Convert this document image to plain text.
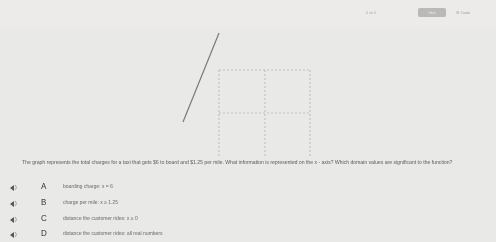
2 of 2	Hint	⚙ Tools
The graph represents the total charges for a taxi that gets $6 to board and $1.25 per mile. What information is represented on the x - axis? Which domain values are significant to the function?
)	A	boarding charge: x = 6
)	B	charge per mile: x ≥ 1.25
)	C	distance the customer rides: x ≥ 0
)	D	distance the customer rides: all real numbers
